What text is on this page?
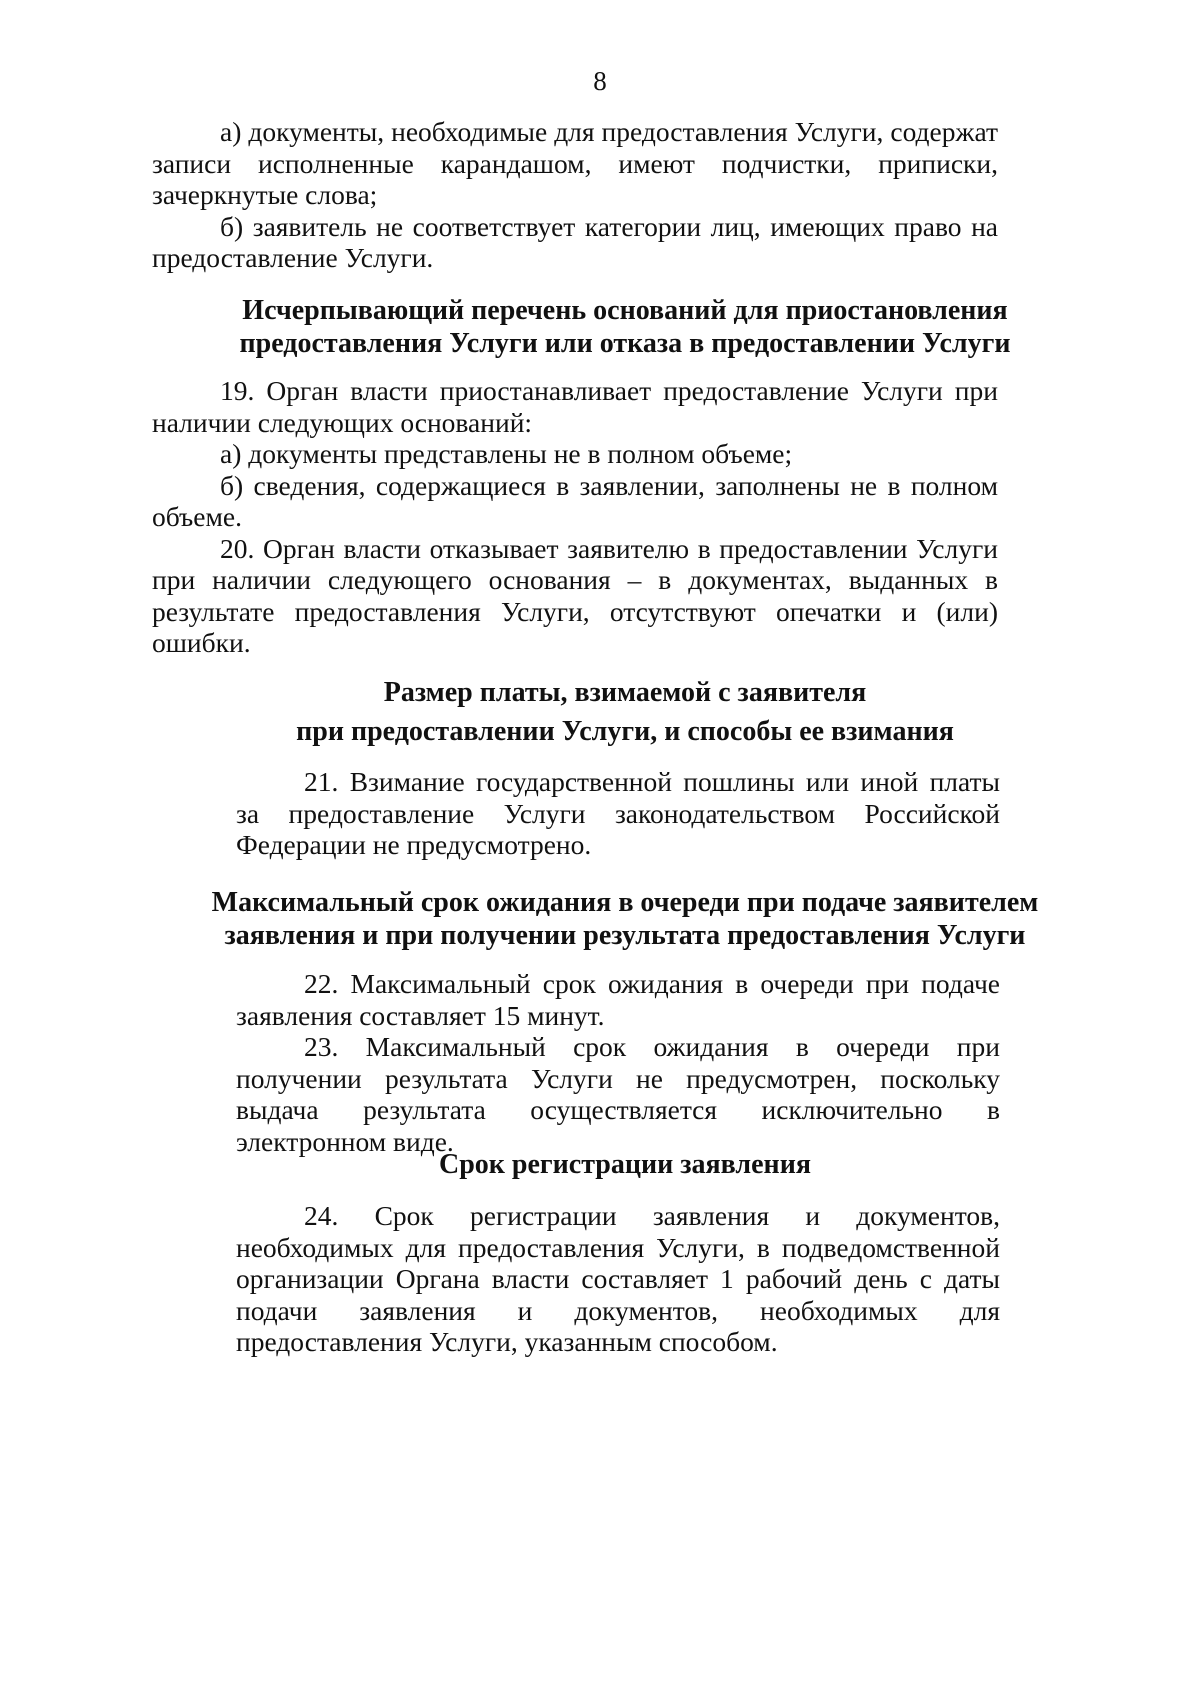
8

а) документы, необходимые для предоставления Услуги, содержат записи исполненные карандашом, имеют подчистки, приписки, зачеркнутые слова;

б) заявитель не соответствует категории лиц, имеющих право на предоставление Услуги.

Исчерпывающий перечень оснований для приостановления
предоставления Услуги или отказа в предоставлении Услуги

19. Орган власти приостанавливает предоставление Услуги при наличии следующих оснований:

а) документы представлены не в полном объеме;

б) сведения, содержащиеся в заявлении, заполнены не в полном объеме.

20. Орган власти отказывает заявителю в предоставлении Услуги при наличии следующего основания – в документах, выданных в результате предоставления Услуги, отсутствуют опечатки и (или) ошибки.

Размер платы, взимаемой с заявителя
при предоставлении Услуги, и способы ее взимания

21. Взимание государственной пошлины или иной платы за предоставление Услуги законодательством Российской Федерации не предусмотрено.

Максимальный срок ожидания в очереди при подаче заявителем
заявления и при получении результата предоставления Услуги

22. Максимальный срок ожидания в очереди при подаче заявления составляет 15 минут.

23. Максимальный срок ожидания в очереди при получении результата Услуги не предусмотрен, поскольку выдача результата осуществляется исключительно в электронном виде.

Срок регистрации заявления

24. Срок регистрации заявления и документов, необходимых для предоставления Услуги, в подведомственной организации Органа власти составляет 1 рабочий день с даты подачи заявления и документов, необходимых для предоставления Услуги, указанным способом.
